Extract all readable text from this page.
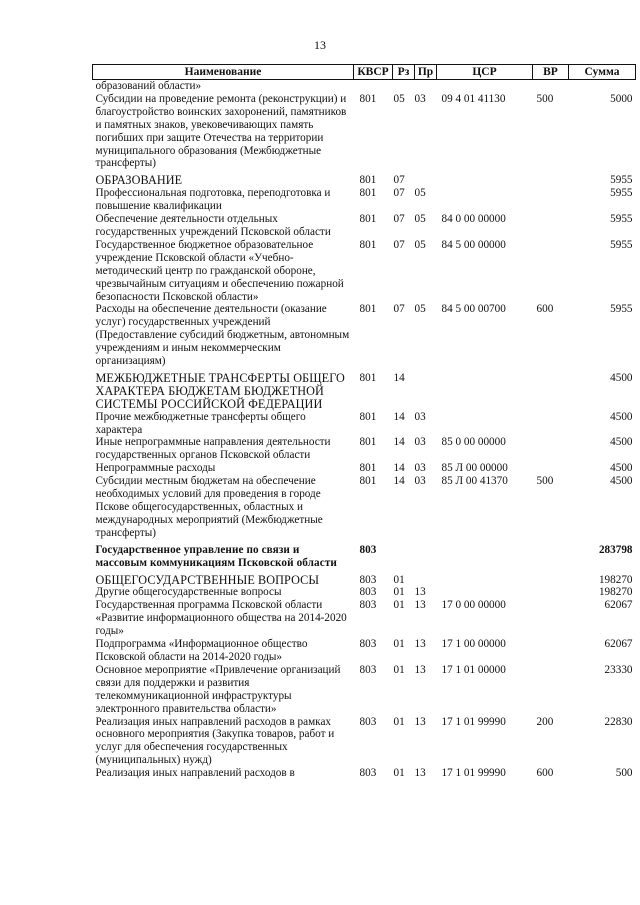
13
Наименование	КВСР	Рз	Пр	ЦСР	ВР	Сумма
образований области»						
Субсидии на проведение ремонта (реконструкции) и благоустройство воинских захоронений, памятников и памятных знаков, увековечивающих память погибших при защите Отечества на территории муниципального образования (Межбюджетные трансферты)	801	05	03	09 4 01 41130	500	5000
ОБРАЗОВАНИЕ	801	07				5955
Профессиональная подготовка, переподготовка и повышение квалификации	801	07	05			5955
Обеспечение деятельности отдельных государственных учреждений Псковской области	801	07	05	84 0 00 00000		5955
Государственное бюджетное образовательное учреждение Псковской области «Учебно-методический центр по гражданской обороне, чрезвычайным ситуациям и обеспечению пожарной безопасности Псковской области»	801	07	05	84 5 00 00000		5955
Расходы на обеспечение деятельности (оказание услуг) государственных учреждений (Предоставление субсидий бюджетным, автономным учреждениям и иным некоммерческим организациям)	801	07	05	84 5 00 00700	600	5955
МЕЖБЮДЖЕТНЫЕ ТРАНСФЕРТЫ ОБЩЕГО ХАРАКТЕРА БЮДЖЕТАМ БЮДЖЕТНОЙ СИСТЕМЫ РОССИЙСКОЙ ФЕДЕРАЦИИ	801	14				4500
Прочие межбюджетные трансферты общего характера	801	14	03			4500
Иные непрограммные направления деятельности государственных органов Псковской области	801	14	03	85 0 00 00000		4500
Непрограммные расходы	801	14	03	85 Л 00 00000		4500
Субсидии местным бюджетам на обеспечение необходимых условий для проведения в городе Пскове общегосударственных, областных и международных мероприятий (Межбюджетные трансферты)	801	14	03	85 Л 00 41370	500	4500
Государственное управление по связи и массовым коммуникациям Псковской области	803					283798
ОБЩЕГОСУДАРСТВЕННЫЕ ВОПРОСЫ	803	01				198270
Другие общегосударственные вопросы	803	01	13			198270
Государственная программа Псковской области «Развитие информационного общества на 2014-2020 годы»	803	01	13	17 0 00 00000		62067
Подпрограмма «Информационное общество Псковской области на 2014-2020 годы»	803	01	13	17 1 00 00000		62067
Основное мероприятие «Привлечение организаций связи для поддержки и развития телекоммуникационной инфраструктуры электронного правительства области»	803	01	13	17 1 01 00000		23330
Реализация иных направлений расходов в рамках основного мероприятия (Закупка товаров, работ и услуг для обеспечения государственных (муниципальных) нужд)	803	01	13	17 1 01 99990	200	22830
Реализация иных направлений расходов в	803	01	13	17 1 01 99990	600	500
